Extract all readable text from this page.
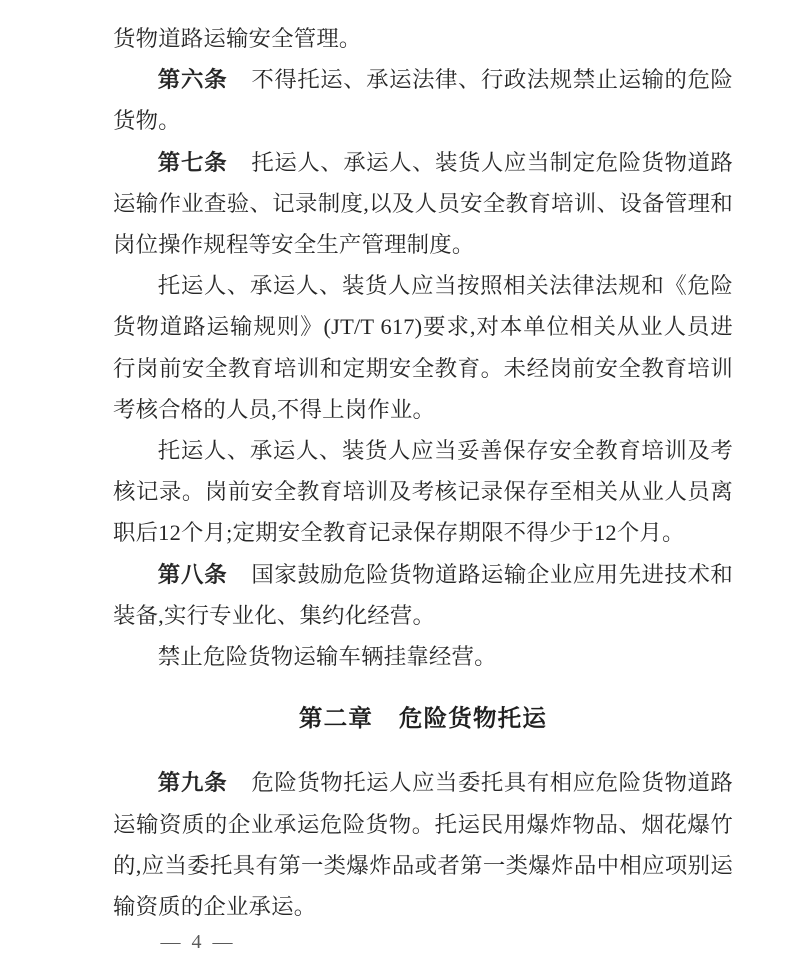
货物道路运输安全管理。

第六条 不得托运、承运法律、行政法规禁止运输的危险货物。

第七条 托运人、承运人、装货人应当制定危险货物道路运输作业查验、记录制度,以及人员安全教育培训、设备管理和岗位操作规程等安全生产管理制度。

托运人、承运人、装货人应当按照相关法律法规和《危险货物道路运输规则》(JT/T 617)要求,对本单位相关从业人员进行岗前安全教育培训和定期安全教育。未经岗前安全教育培训考核合格的人员,不得上岗作业。

托运人、承运人、装货人应当妥善保存安全教育培训及考核记录。岗前安全教育培训及考核记录保存至相关从业人员离职后12个月;定期安全教育记录保存期限不得少于12个月。

第八条 国家鼓励危险货物道路运输企业应用先进技术和装备,实行专业化、集约化经营。

禁止危险货物运输车辆挂靠经营。

第二章 危险货物托运

第九条 危险货物托运人应当委托具有相应危险货物道路运输资质的企业承运危险货物。托运民用爆炸物品、烟花爆竹的,应当委托具有第一类爆炸品或者第一类爆炸品中相应项别运输资质的企业承运。

— 4 —
